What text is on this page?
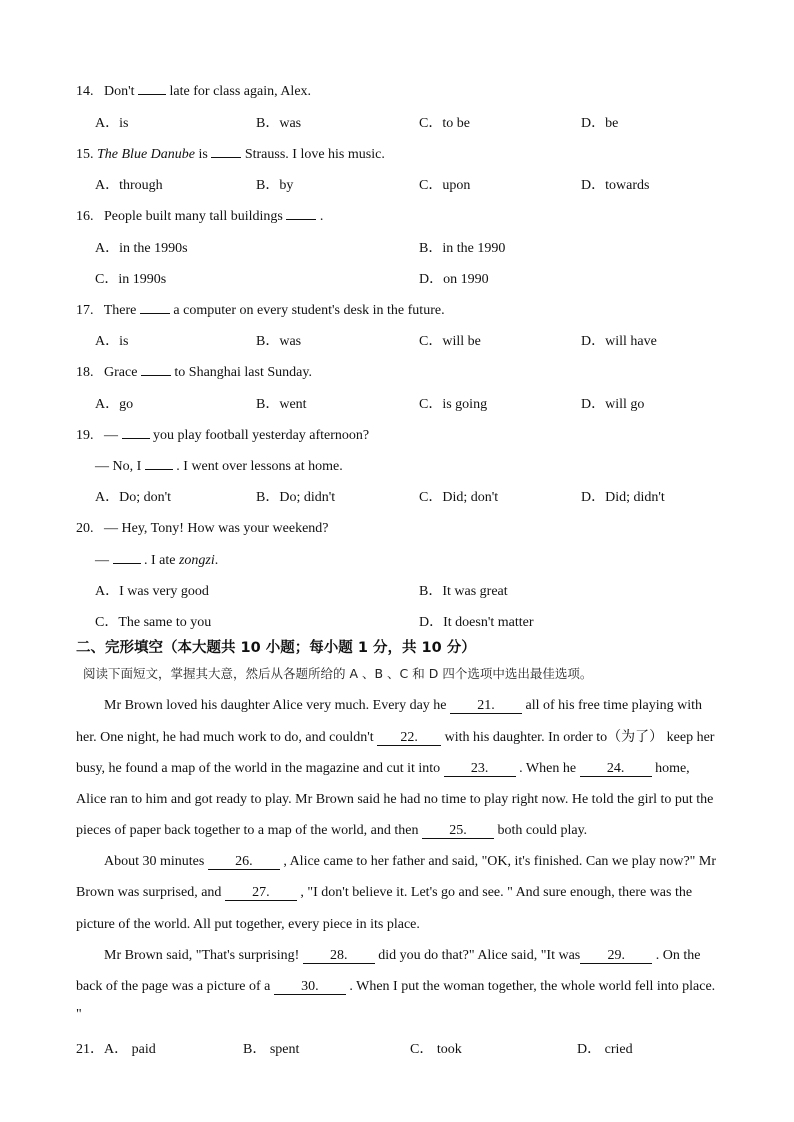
14. Don't	late for class again, Alex.
A．is	B．was	C．to be	D．be
15. The Blue Danube is	Strauss. I love his music.
A．through	B．by	C．upon	D．towards
16. People built many tall buildings	.
A．in the 1990s	B．in the 1990
C．in 1990s	D．on 1990
17. There	a computer on every student's desk in the future.
A．is	B．was	C．will be	D．will have
18. Grace	to Shanghai last Sunday.
A．go	B．went	C．is going	D．will go
19. —	you play football yesterday afternoon?
— No, I	. I went over lessons at home.
A．Do; don't	B．Do; didn't	C．Did; don't	D．Did; didn't
20. — Hey, Tony! How was your weekend?
—	. I ate zongzi.
A．I was very good	B．It was great
C．The same to you	D．It doesn't matter
二、完形填空（本大题共 10 小题；每小题 1 分，共 10 分）
阅读下面短文，掌握其大意，然后从各题所给的 A 、B 、C 和 D 四个选项中选出最佳选项。
Mr Brown loved his daughter Alice very much. Every day he 21. all of his free time playing with
her. One night, he had much work to do, and couldn't 22. with his daughter. In order to（为了） keep her
busy, he found a map of the world in the magazine and cut it into 23. . When he 24. home,
Alice ran to him and got ready to play. Mr Brown said he had no time to play right now. He told the girl to put the
pieces of paper back together to a map of the world, and then 25. both could play.
About 30 minutes 26. , Alice came to her father and said, "OK, it's finished. Can we play now?" Mr
Brown was surprised, and 27. , "I don't believe it. Let's go and see. " And sure enough, there was the
picture of the world. All put together, every piece in its place.
Mr Brown said, "That's surprising! 28. did you do that?" Alice said, "It was 29. . On the
back of the page was a picture of a 30. . When I put the woman together, the whole world fell into place.
"
21．A． paid	B． spent	C． took	D． cried
